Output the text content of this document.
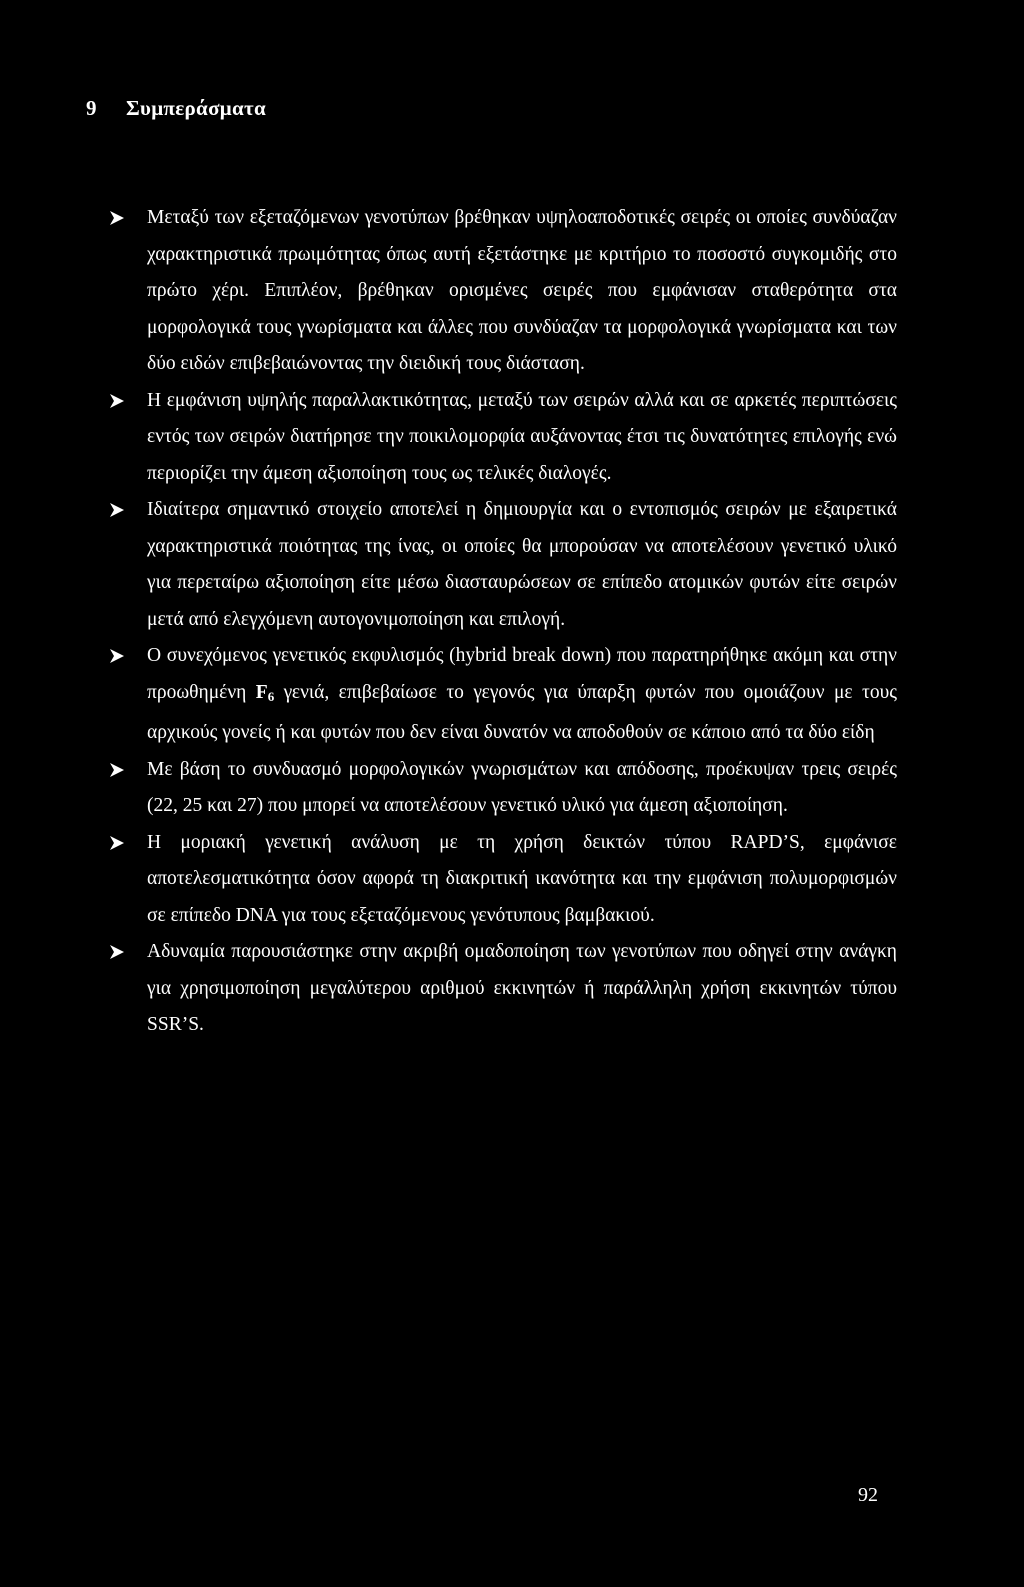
9 Συμπεράσματα
Μεταξύ των εξεταζόμενων γενοτύπων βρέθηκαν υψηλοαποδοτικές σειρές οι οποίες συνδύαζαν χαρακτηριστικά πρωιμότητας όπως αυτή εξετάστηκε με κριτήριο το ποσοστό συγκομιδής στο πρώτο χέρι. Επιπλέον, βρέθηκαν ορισμένες σειρές που εμφάνισαν σταθερότητα στα μορφολογικά τους γνωρίσματα και άλλες που συνδύαζαν τα μορφολογικά γνωρίσματα και των δύο ειδών επιβεβαιώνοντας την διειδική τους διάσταση.
Η εμφάνιση υψηλής παραλλακτικότητας, μεταξύ των σειρών αλλά και σε αρκετές περιπτώσεις εντός των σειρών διατήρησε την ποικιλομορφία αυξάνοντας έτσι τις δυνατότητες επιλογής ενώ περιορίζει την άμεση αξιοποίηση τους ως τελικές διαλογές.
Ιδιαίτερα σημαντικό στοιχείο αποτελεί η δημιουργία και ο εντοπισμός σειρών με εξαιρετικά χαρακτηριστικά ποιότητας της ίνας, οι οποίες θα μπορούσαν να αποτελέσουν γενετικό υλικό για περεταίρω αξιοποίηση είτε μέσω διασταυρώσεων σε επίπεδο ατομικών φυτών είτε σειρών μετά από ελεγχόμενη αυτογονιμοποίηση και επιλογή.
Ο συνεχόμενος γενετικός εκφυλισμός (hybrid break down) που παρατηρήθηκε ακόμη και στην προωθημένη $F_6$ γενιά, επιβεβαίωσε το γεγονός για ύπαρξη φυτών που ομοιάζουν με τους αρχικούς γονείς ή και φυτών που δεν είναι δυνατόν να αποδοθούν σε κάποιο από τα δύο είδη
Με βάση το συνδυασμό μορφολογικών γνωρισμάτων και απόδοσης, προέκυψαν τρεις σειρές (22, 25 και 27) που μπορεί να αποτελέσουν γενετικό υλικό για άμεση αξιοποίηση.
Η μοριακή γενετική ανάλυση με τη χρήση δεικτών τύπου RAPD’S, εμφάνισε αποτελεσματικότητα όσον αφορά τη διακριτική ικανότητα και την εμφάνιση πολυμορφισμών σε επίπεδο DNA για τους εξεταζόμενους γενότυπους βαμβακιού.
Αδυναμία παρουσιάστηκε στην ακριβή ομαδοποίηση των γενοτύπων που οδηγεί στην ανάγκη για χρησιμοποίηση μεγαλύτερου αριθμού εκκινητών ή παράλληλη χρήση εκκινητών τύπου SSR’S.
92
